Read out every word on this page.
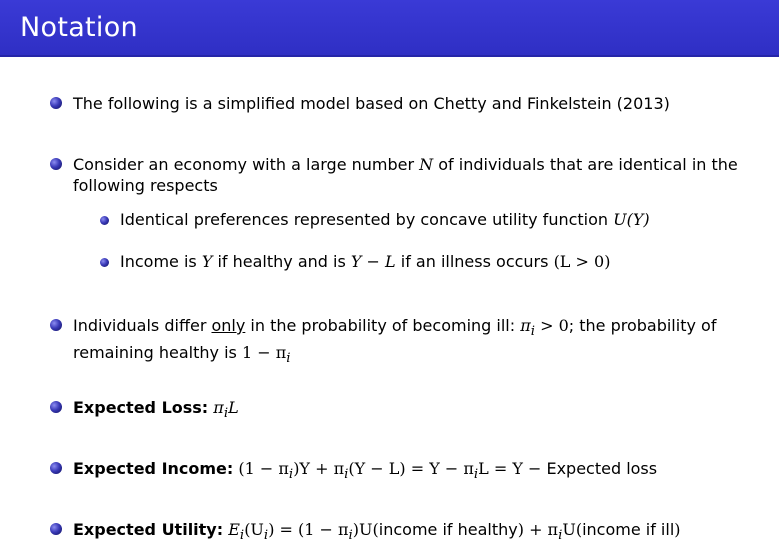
Notation
The following is a simplified model based on Chetty and Finkelstein (2013)
Consider an economy with a large number N of individuals that are identical in the following respects
Identical preferences represented by concave utility function U(Y)
Income is Y if healthy and is Y − L if an illness occurs (L > 0)
Individuals differ only in the probability of becoming ill: $\pi_i > 0$; the probability of remaining healthy is $1 - \pi_i$
Expected Loss: $\pi_iL$
Expected Income: $(1 - \pi_i)Y + \pi_i(Y - L) = Y - \pi_iL = Y$ − Expected loss
Expected Utility: $E_i(U_i) = (1$ − $\pi_i)U(income$ if healthy) + $\pi_iU(income$ if ill)
